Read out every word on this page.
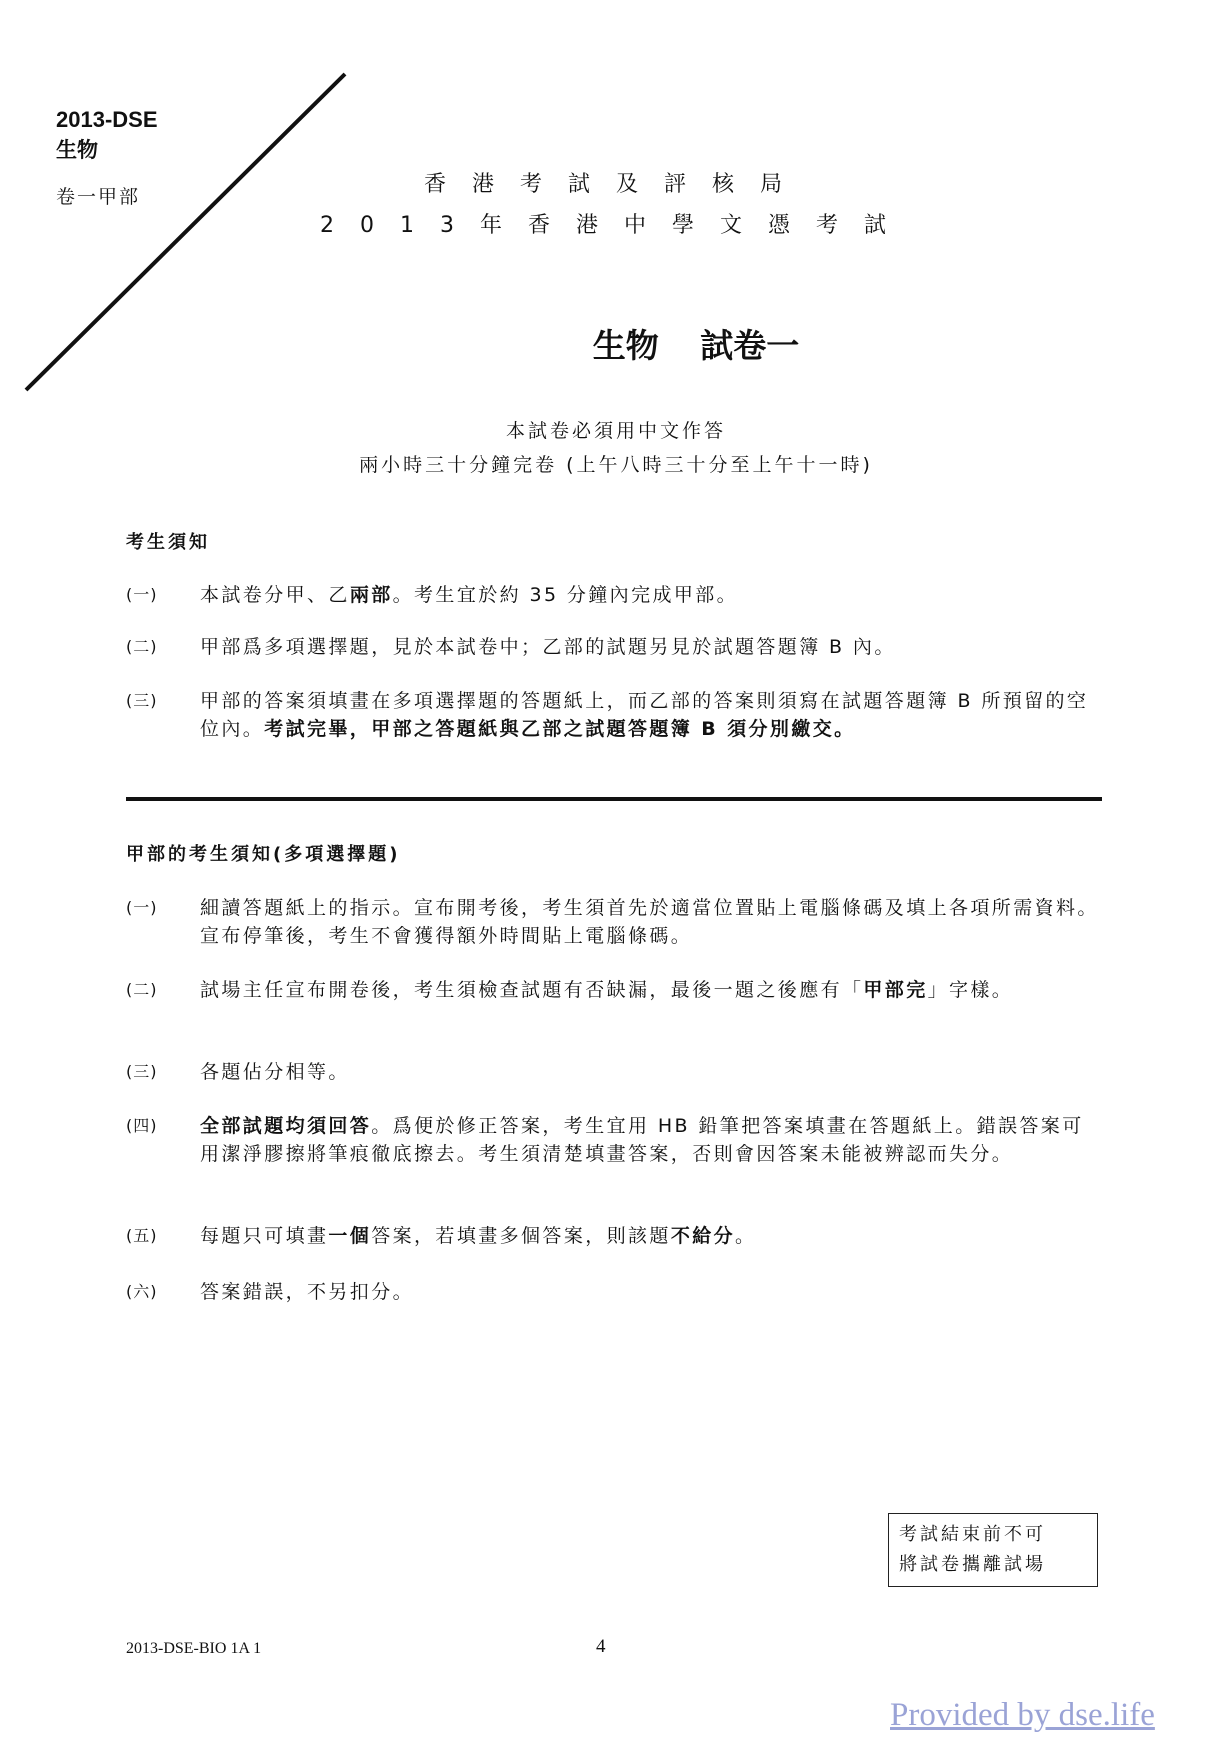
2013-DSE
生物
卷一甲部	香港考試及評核局
2013年香港中學文憑考試
生物 試卷一
本試卷必須用中文作答
兩小時三十分鐘完卷 (上午八時三十分至上午十一時)
考生須知
(一)	本試卷分甲、乙兩部。考生宜於約 35 分鐘內完成甲部。
(二)	甲部爲多項選擇題，見於本試卷中；乙部的試題另見於試題答題簿 B 內。
(三)	甲部的答案須填畫在多項選擇題的答題紙上，而乙部的答案則須寫在試題答題簿 B 所預留的空位內。考試完畢，甲部之答題紙與乙部之試題答題簿 B 須分別繳交。
甲部的考生須知(多項選擇題)
(一)	細讀答題紙上的指示。宣布開考後，考生須首先於適當位置貼上電腦條碼及填上各項所需資料。宣布停筆後，考生不會獲得額外時間貼上電腦條碼。
(二)	試場主任宣布開卷後，考生須檢查試題有否缺漏，最後一題之後應有「甲部完」字樣。
(三)	各題佔分相等。
(四)	全部試題均須回答。爲便於修正答案，考生宜用 HB 鉛筆把答案填畫在答題紙上。錯誤答案可用潔淨膠擦將筆痕徹底擦去。考生須清楚填畫答案，否則會因答案未能被辨認而失分。
(五)	每題只可填畫一個答案，若填畫多個答案，則該題不給分。
(六)	答案錯誤，不另扣分。
考試結束前不可
將試卷攜離試場
2013-DSE-BIO 1A 1	4
Provided by dse.life
